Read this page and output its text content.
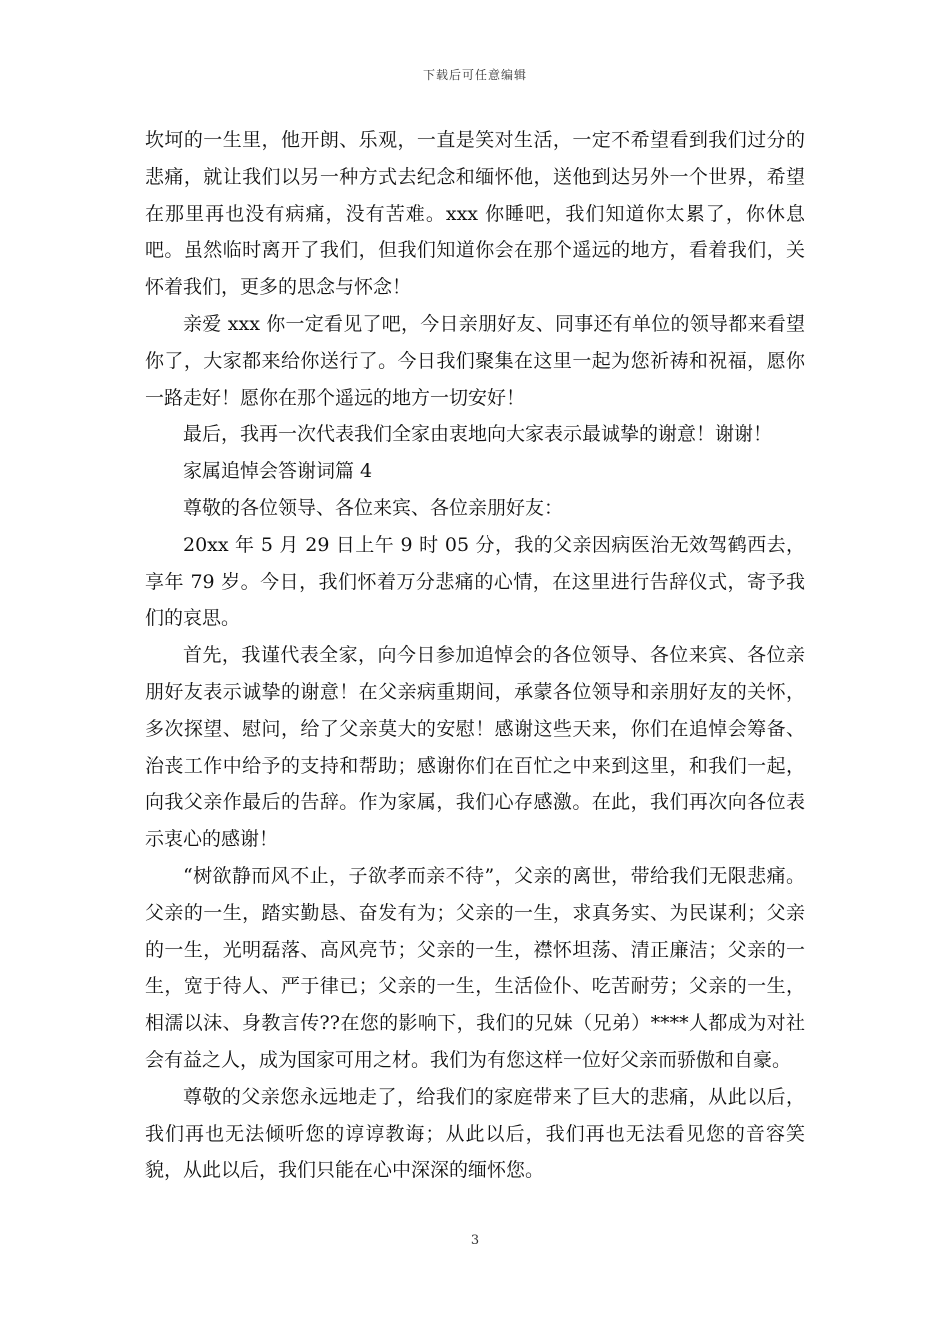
下载后可任意编辑

坎坷的一生里，他开朗、乐观，一直是笑对生活，一定不希望看到我们过分的悲痛，就让我们以另一种方式去纪念和缅怀他，送他到达另外一个世界，希望在那里再也没有病痛，没有苦难。xxx 你睡吧，我们知道你太累了，你休息吧。虽然临时离开了我们，但我们知道你会在那个遥远的地方，看着我们，关怀着我们，更多的思念与怀念！

亲爱 xxx 你一定看见了吧，今日亲朋好友、同事还有单位的领导都来看望你了，大家都来给你送行了。今日我们聚集在这里一起为您祈祷和祝福，愿你一路走好！愿你在那个遥远的地方一切安好！

最后，我再一次代表我们全家由衷地向大家表示最诚挚的谢意！谢谢！

家属追悼会答谢词篇 4

尊敬的各位领导、各位来宾、各位亲朋好友：

20xx 年 5 月 29 日上午 9 时 05 分，我的父亲因病医治无效驾鹤西去，享年 79 岁。今日，我们怀着万分悲痛的心情，在这里进行告辞仪式，寄予我们的哀思。

首先，我谨代表全家，向今日参加追悼会的各位领导、各位来宾、各位亲朋好友表示诚挚的谢意！在父亲病重期间，承蒙各位领导和亲朋好友的关怀，多次探望、慰问，给了父亲莫大的安慰！感谢这些天来，你们在追悼会筹备、治丧工作中给予的支持和帮助；感谢你们在百忙之中来到这里，和我们一起，向我父亲作最后的告辞。作为家属，我们心存感激。在此，我们再次向各位表示衷心的感谢！

“树欲静而风不止，子欲孝而亲不待”，父亲的离世，带给我们无限悲痛。父亲的一生，踏实勤恳、奋发有为；父亲的一生，求真务实、为民谋利；父亲的一生，光明磊落、高风亮节；父亲的一生，襟怀坦荡、清正廉洁；父亲的一生，宽于待人、严于律已；父亲的一生，生活俭仆、吃苦耐劳；父亲的一生，相濡以沫、身教言传??在您的影响下，我们的兄妹（兄弟）****人都成为对社会有益之人，成为国家可用之材。我们为有您这样一位好父亲而骄傲和自豪。

尊敬的父亲您永远地走了，给我们的家庭带来了巨大的悲痛，从此以后，我们再也无法倾听您的谆谆教诲；从此以后，我们再也无法看见您的音容笑貌，从此以后，我们只能在心中深深的缅怀您。

3
